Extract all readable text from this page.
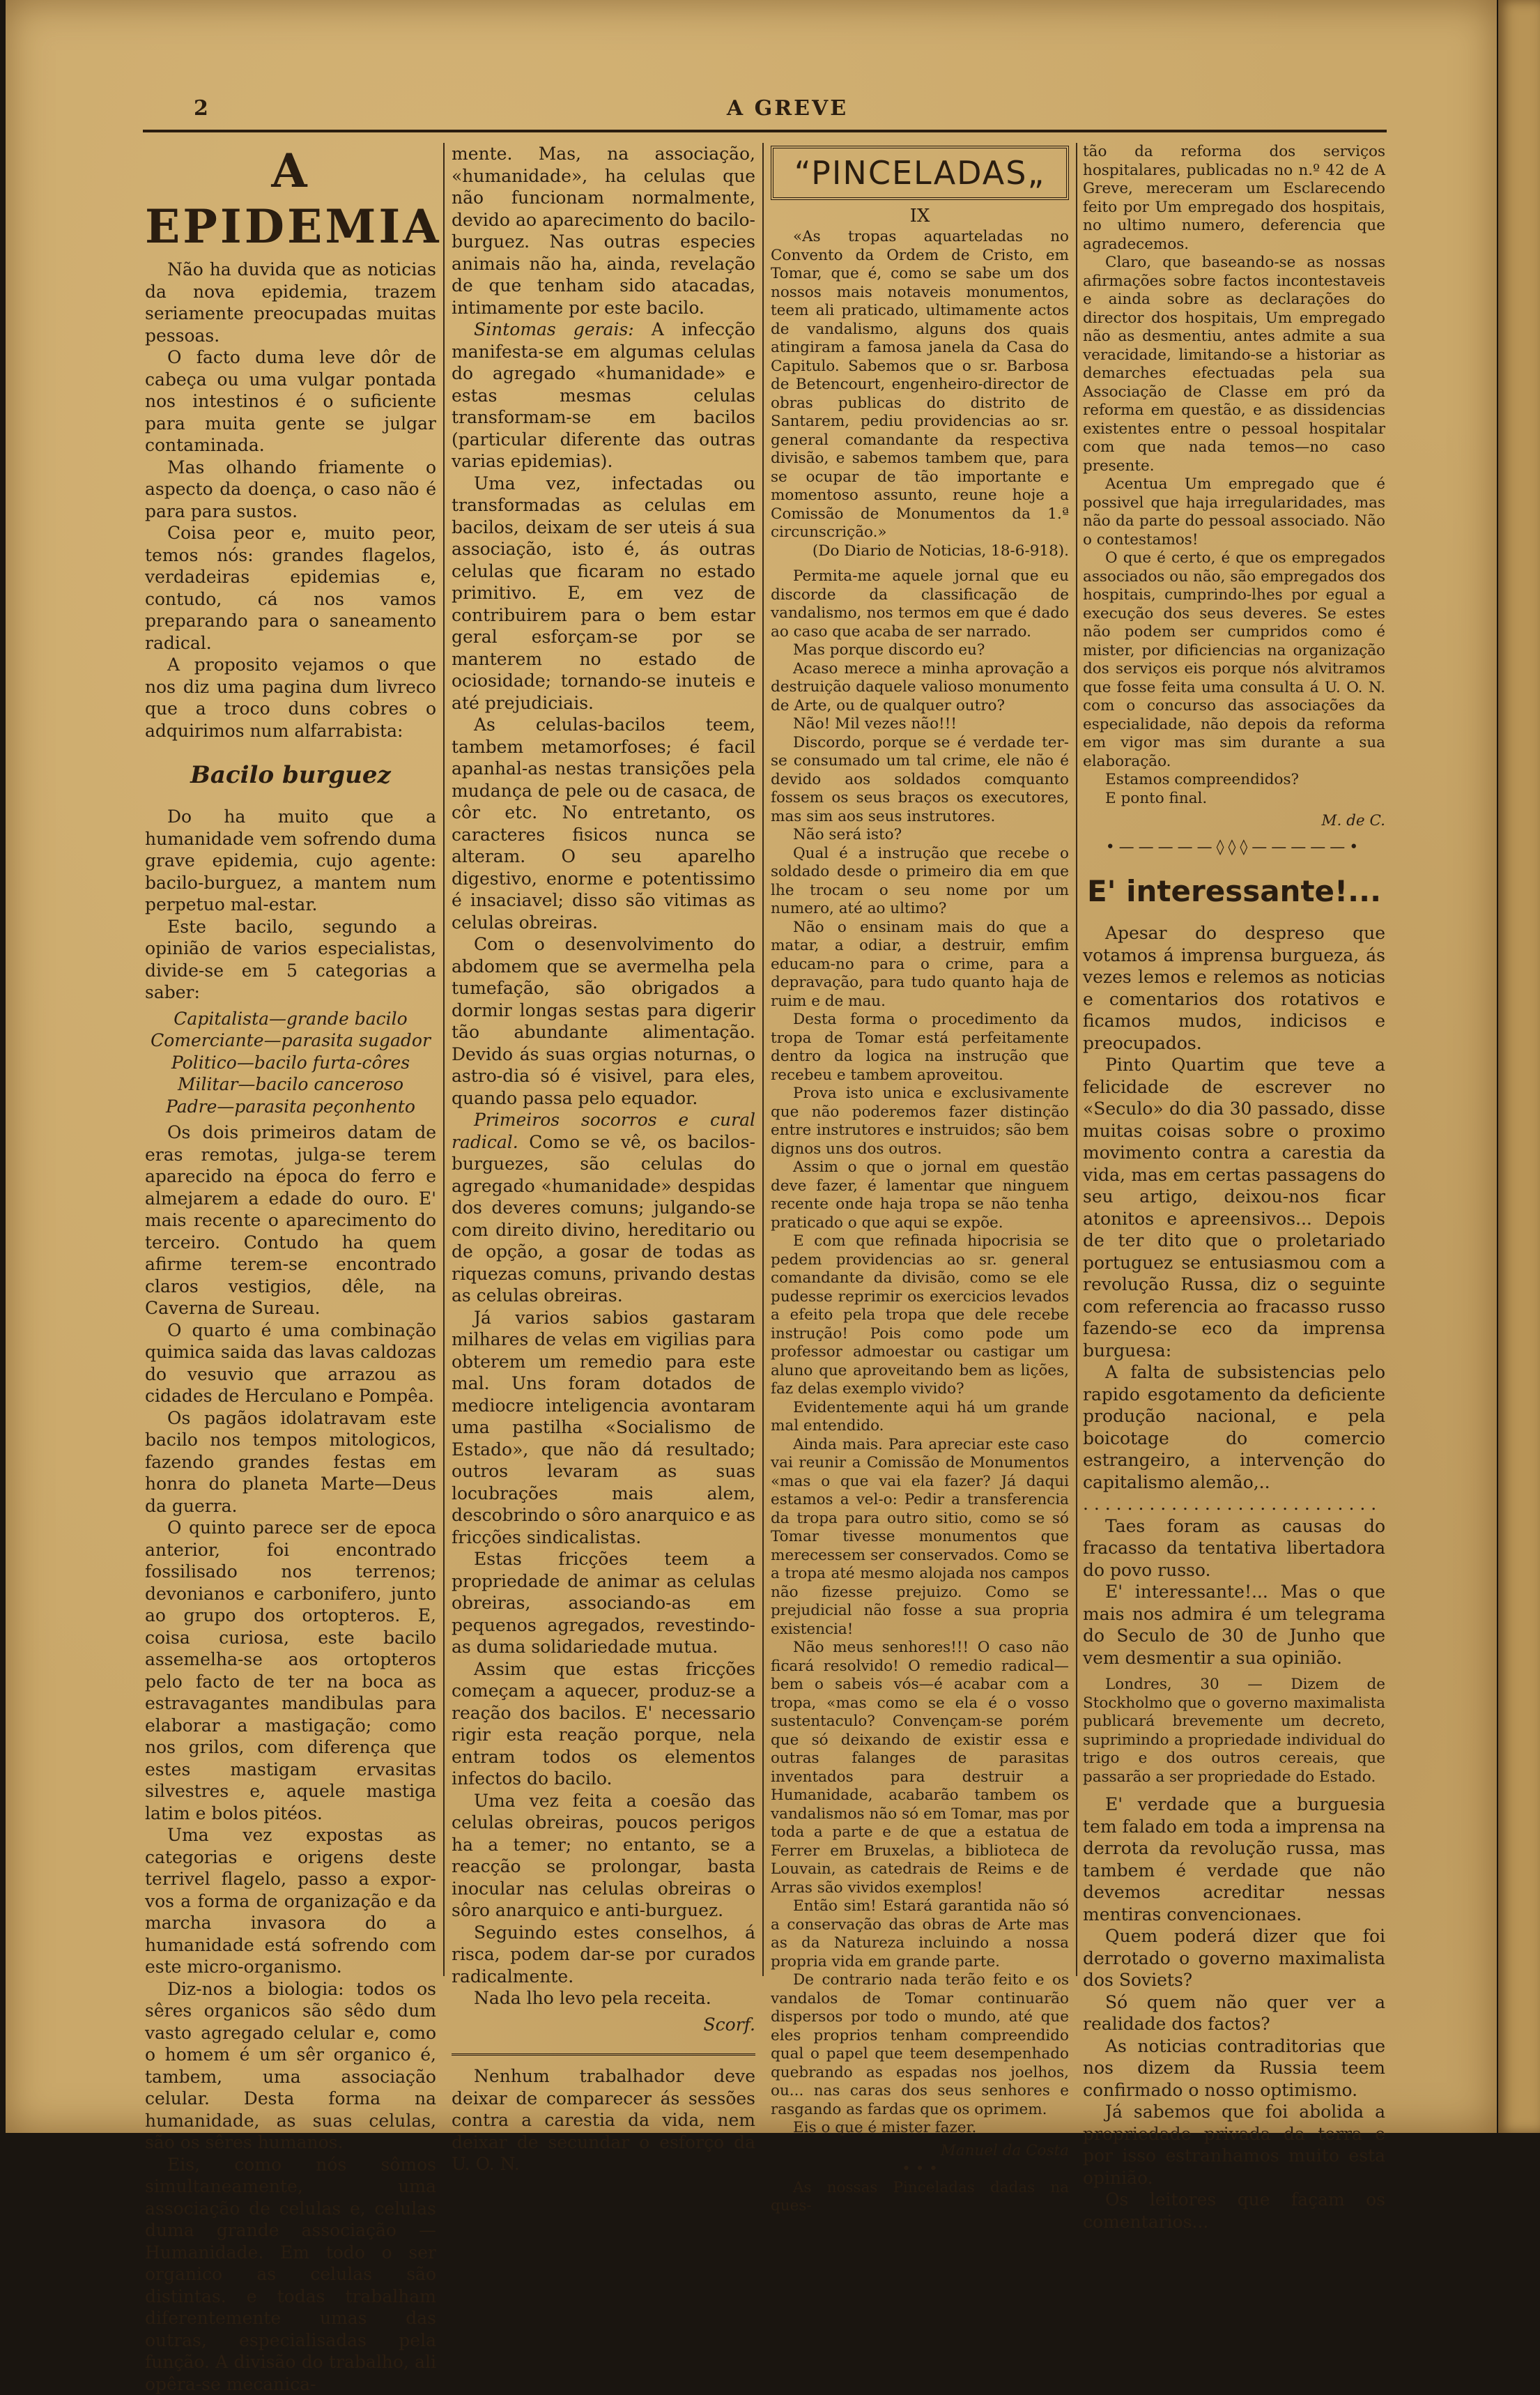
2	A GREVE
A EPIDEMIA

Não ha duvida que as noticias da nova epidemia, trazem seriamente preocupadas muitas pessoas.

O facto duma leve dôr de cabeça ou uma vulgar pontada nos intestinos é o suficiente para muita gente se julgar contaminada.

Mas olhando friamente o aspecto da doença, o caso não é para para sustos.

Coisa peor e, muito peor, temos nós: grandes flagelos, verdadeiras epidemias e, contudo, cá nos vamos preparando para o saneamento radical.

A proposito vejamos o que nos diz uma pagina dum livreco que a troco duns cobres o adquirimos num alfarrabista:

Bacilo burguez

Do ha muito que a humanidade vem sofrendo duma grave epidemia, cujo agente: bacilo-burguez, a mantem num perpetuo mal-estar.

Este bacilo, segundo a opinião de varios especialistas, divide-se em 5 categorias a saber:

Capitalista—grande bacilo

Comerciante—parasita sugador

Politico—bacilo furta-côres

Militar—bacilo canceroso

Padre—parasita peçonhento

Os dois primeiros datam de eras remotas, julga-se terem aparecido na época do ferro e almejarem a edade do ouro. E' mais recente o aparecimento do terceiro. Contudo ha quem afirme terem-se encontrado claros vestigios, dêle, na Caverna de Sureau.

O quarto é uma combinação quimica saida das lavas caldozas do vesuvio que arrazou as cidades de Herculano e Pompêa.

Os pagãos idolatravam este bacilo nos tempos mitologicos, fazendo grandes festas em honra do planeta Marte—Deus da guerra.

O quinto parece ser de epoca anterior, foi encontrado fossilisado nos terrenos; devonianos e carbonifero, junto ao grupo dos ortopteros. E, coisa curiosa, este bacilo assemelha-se aos ortopteros pelo facto de ter na boca as estravagantes mandibulas para elaborar a mastigação; como nos grilos, com diferença que estes mastigam ervasitas silvestres e, aquele mastiga latim e bolos pitéos.

Uma vez expostas as categorias e origens deste terrivel flagelo, passo a expor-vos a forma de organização e da marcha invasora do a humanidade está sofrendo com este micro-organismo.

Diz-nos a biologia: todos os sêres organicos são sêdo dum vasto agregado celular e, como o homem é um sêr organico é, tambem, uma associação celular. Desta forma na humanidade, as suas celulas, são os sêres humanos.

Eis, como nós sômos simultaneamente, uma associação de celulas e, celulas duma grande associação — Humanidade. Em todo o ser organico as celulas são distintas. e todas trabalham diferentemente umas das outras, especialisadas pela função. A divisão do trabalho, ali opêra-se mecanica-

mente. Mas, na associação, «humanidade», ha celulas que não funcionam normalmente, devido ao aparecimento do bacilo-burguez. Nas outras especies animais não ha, ainda, revelação de que tenham sido atacadas, intimamente por este bacilo.

Sintomas gerais: A infecção manifesta-se em algumas celulas do agregado «humanidade» e estas mesmas celulas transformam-se em bacilos (particular diferente das outras varias epidemias).

Uma vez, infectadas ou transformadas as celulas em bacilos, deixam de ser uteis á sua associação, isto é, ás outras celulas que ficaram no estado primitivo. E, em vez de contribuirem para o bem estar geral esforçam-se por se manterem no estado de ociosidade; tornando-se inuteis e até prejudiciais.

As celulas-bacilos teem, tambem metamorfoses; é facil apanhal-as nestas transições pela mudança de pele ou de casaca, de côr etc. No entretanto, os caracteres fisicos nunca se alteram. O seu aparelho digestivo, enorme e potentissimo é insaciavel; disso são vitimas as celulas obreiras.

Com o desenvolvimento do abdomem que se avermelha pela tumefação, são obrigados a dormir longas sestas para digerir tão abundante alimentação. Devido ás suas orgias noturnas, o astro-dia só é visivel, para eles, quando passa pelo equador.

Primeiros socorros e cural radical. Como se vê, os bacilos-burguezes, são celulas do agregado «humanidade» despidas dos deveres comuns; julgando-se com direito divino, hereditario ou de opção, a gosar de todas as riquezas comuns, privando destas as celulas obreiras.

Já varios sabios gastaram milhares de velas em vigilias para obterem um remedio para este mal. Uns foram dotados de mediocre inteligencia avontaram uma pastilha «Socialismo de Estado», que não dá resultado; outros levaram as suas locubrações mais alem, descobrindo o sôro anarquico e as fricções sindicalistas.

Estas fricções teem a propriedade de animar as celulas obreiras, associando-as em pequenos agregados, revestindo-as duma solidariedade mutua.

Assim que estas fricções começam a aquecer, produz-se a reação dos bacilos. E' necessario rigir esta reação porque, nela entram todos os elementos infectos do bacilo.

Uma vez feita a coesão das celulas obreiras, poucos perigos ha a temer; no entanto, se a reacção se prolongar, basta inocular nas celulas obreiras o sôro anarquico e anti-burguez.

Seguindo estes conselhos, á risca, podem dar-se por curados radicalmente.

Nada lho levo pela receita.

Scorf.

Nenhum trabalhador deve deixar de comparecer ás sessões contra a carestia da vida, nem deixar de secundar o esforço da U. O. N.

“PINCELADAS„

IX

«As tropas aquarteladas no Convento da Ordem de Cristo, em Tomar, que é, como se sabe um dos nossos mais notaveis monumentos, teem ali praticado, ultimamente actos de vandalismo, alguns dos quais atingiram a famosa janela da Casa do Capitulo. Sabemos que o sr. Barbosa de Betencourt, engenheiro-director de obras publicas do distrito de Santarem, pediu providencias ao sr. general comandante da respectiva divisão, e sabemos tambem que, para se ocupar de tão importante e momentoso assunto, reune hoje a Comissão de Monumentos da 1.ª circunscrição.»

(Do Diario de Noticias, 18-6-918).

Permita-me aquele jornal que eu discorde da classificação de vandalismo, nos termos em que é dado ao caso que acaba de ser narrado.

Mas porque discordo eu?

Acaso merece a minha aprovação a destruição daquele valioso monumento de Arte, ou de qualquer outro?

Não! Mil vezes não!!!

Discordo, porque se é verdade ter-se consumado um tal crime, ele não é devido aos soldados comquanto fossem os seus braços os executores, mas sim aos seus instrutores.

Não será isto?

Qual é a instrução que recebe o soldado desde o primeiro dia em que lhe trocam o seu nome por um numero, até ao ultimo?

Não o ensinam mais do que a matar, a odiar, a destruir, emfim educam-no para o crime, para a depravação, para tudo quanto haja de ruim e de mau.

Desta forma o procedimento da tropa de Tomar está perfeitamente dentro da logica na instrução que recebeu e tambem aproveitou.

Prova isto unica e exclusivamente que não poderemos fazer distinção entre instrutores e instruidos; são bem dignos uns dos outros.

Assim o que o jornal em questão deve fazer, é lamentar que ninguem recente onde haja tropa se não tenha praticado o que aqui se expõe.

E com que refinada hipocrisia se pedem providencias ao sr. general comandante da divisão, como se ele pudesse reprimir os exercicios levados a efeito pela tropa que dele recebe instrução! Pois como pode um professor admoestar ou castigar um aluno que aproveitando bem as lições, faz delas exemplo vivido?

Evidentemente aqui há um grande mal entendido.

Ainda mais. Para apreciar este caso vai reunir a Comissão de Monumentos «mas o que vai ela fazer? Já daqui estamos a vel-o: Pedir a transferencia da tropa para outro sitio, como se só Tomar tivesse monumentos que merecessem ser conservados. Como se a tropa até mesmo alojada nos campos não fizesse prejuizo. Como se prejudicial não fosse a sua propria existencia!

Não meus senhores!!! O caso não ficará resolvido! O remedio radical—bem o sabeis vós—é acabar com a tropa, «mas como se ela é o vosso sustentaculo? Convençam-se porém que só deixando de existir essa e outras falanges de parasitas inventados para destruir a Humanidade, acabarão tambem os vandalismos não só em Tomar, mas por toda a parte e de que a estatua de Ferrer em Bruxelas, a biblioteca de Louvain, as catedrais de Reims e de Arras são vividos exemplos!

Então sim! Estará garantida não só a conservação das obras de Arte mas as da Natureza incluindo a nossa propria vida em grande parte.

De contrario nada terão feito e os vandalos de Tomar continuarão dispersos por todo o mundo, até que eles proprios tenham compreendido qual o papel que teem desempenhado quebrando as espadas nos joelhos, ou... nas caras dos seus senhores e rasgando as fardas que os oprimem.

Eis o que é mister fazer.

Manuel da Costa

• • •

As nossas Pinceladas dadas na ques-

tão da reforma dos serviços hospitalares, publicadas no n.º 42 de A Greve, mereceram um Esclarecendo feito por Um empregado dos hospitais, no ultimo numero, deferencia que agradecemos.

Claro, que baseando-se as nossas afirmações sobre factos incontestaveis e ainda sobre as declarações do director dos hospitais, Um empregado não as desmentiu, antes admite a sua veracidade, limitando-se a historiar as demarches efectuadas pela sua Associação de Classe em pró da reforma em questão, e as dissidencias existentes entre o pessoal hospitalar com que nada temos—no caso presente.

Acentua Um empregado que é possivel que haja irregularidades, mas não da parte do pessoal associado. Não o contestamos!

O que é certo, é que os empregados associados ou não, são empregados dos hospitais, cumprindo-lhes por egual a execução dos seus deveres. Se estes não podem ser cumpridos como é mister, por dificiencias na organização dos serviços eis porque nós alvitramos que fosse feita uma consulta á U. O. N. com o concurso das associações da especialidade, não depois da reforma em vigor mas sim durante a sua elaboração.

Estamos compreendidos?

E ponto final.

M. de C.
•—————◊◊◊—————•
E' interessante!...

Apesar do despreso que votamos á imprensa burgueza, ás vezes lemos e relemos as noticias e comentarios dos rotativos e ficamos mudos, indicisos e preocupados.

Pinto Quartim que teve a felicidade de escrever no «Seculo» do dia 30 passado, disse muitas coisas sobre o proximo movimento contra a carestia da vida, mas em certas passagens do seu artigo, deixou-nos ficar atonitos e apreensivos... Depois de ter dito que o proletariado portuguez se entusiasmou com a revolução Russa, diz o seguinte com referencia ao fracasso russo fazendo-se eco da imprensa burguesa:

A falta de subsistencias pelo rapido esgotamento da deficiente produção nacional, e pela boicotage do comercio estrangeiro, a intervenção do capitalismo alemão,..

. . . . . . . . . . . . . . . . . . . . . . . . . . .

Taes foram as causas do fracasso da tentativa libertadora do povo russo.

E' interessante!... Mas o que mais nos admira é um telegrama do Seculo de 30 de Junho que vem desmentir a sua opinião.

Londres, 30 — Dizem de Stockholmo que o governo maximalista publicará brevemente um decreto, suprimindo a propriedade individual do trigo e dos outros cereais, que passarão a ser propriedade do Estado.

E' verdade que a burguesia tem falado em toda a imprensa na derrota da revolução russa, mas tambem é verdade que não devemos acreditar nessas mentiras convencionaes.

Quem poderá dizer que foi derrotado o governo maximalista dos Soviets?

Só quem não quer ver a realidade dos factos?

As noticias contraditorias que nos dizem da Russia teem confirmado o nosso optimismo.

Já sabemos que foi abolida a propriedade privada da terra e por isso estranhamos muito esta opinião.

Os leitores que façam os comentarios...
